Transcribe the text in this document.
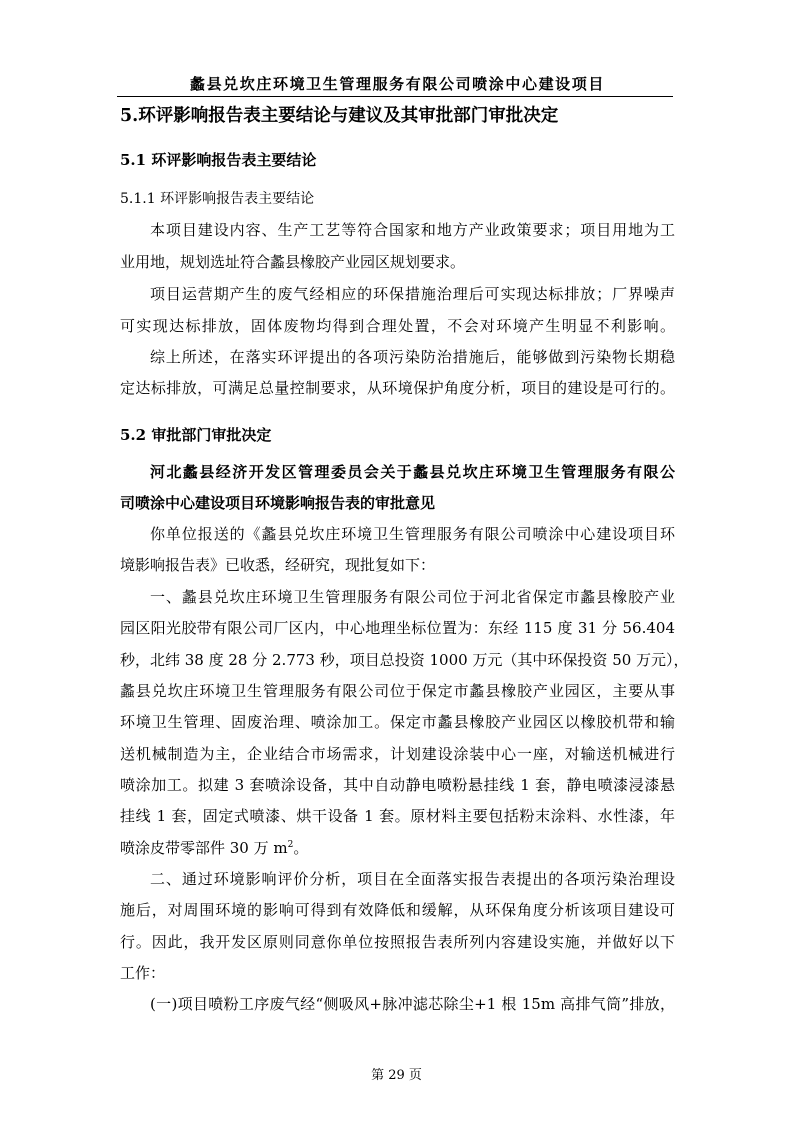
蠡县兑坎庄环境卫生管理服务有限公司喷涂中心建设项目
5.环评影响报告表主要结论与建议及其审批部门审批决定
5.1 环评影响报告表主要结论
5.1.1 环评影响报告表主要结论
本项目建设内容、生产工艺等符合国家和地方产业政策要求；项目用地为工
业用地，规划选址符合蠡县橡胶产业园区规划要求。
项目运营期产生的废气经相应的环保措施治理后可实现达标排放；厂界噪声
可实现达标排放，固体废物均得到合理处置，不会对环境产生明显不利影响。
综上所述，在落实环评提出的各项污染防治措施后，能够做到污染物长期稳
定达标排放，可满足总量控制要求，从环境保护角度分析，项目的建设是可行的。
5.2 审批部门审批决定
河北蠡县经济开发区管理委员会关于蠡县兑坎庄环境卫生管理服务有限公
司喷涂中心建设项目环境影响报告表的审批意见
你单位报送的《蠡县兑坎庄环境卫生管理服务有限公司喷涂中心建设项目环
境影响报告表》已收悉，经研究，现批复如下：
一、蠡县兑坎庄环境卫生管理服务有限公司位于河北省保定市蠡县橡胶产业
园区阳光胶带有限公司厂区内，中心地理坐标位置为：东经 115 度 31 分 56.404
秒，北纬 38 度 28 分 2.773 秒，项目总投资 1000 万元（其中环保投资 50 万元），
蠡县兑坎庄环境卫生管理服务有限公司位于保定市蠡县橡胶产业园区，主要从事
环境卫生管理、固废治理、喷涂加工。保定市蠡县橡胶产业园区以橡胶机带和输
送机械制造为主，企业结合市场需求，计划建设涂装中心一座，对输送机械进行
喷涂加工。拟建 3 套喷涂设备，其中自动静电喷粉悬挂线 1 套，静电喷漆浸漆悬
挂线 1 套，固定式喷漆、烘干设备 1 套。原材料主要包括粉末涂料、水性漆，年
喷涂皮带零部件 30 万 $m^2$。
二、通过环境影响评价分析，项目在全面落实报告表提出的各项污染治理设
施后，对周围环境的影响可得到有效降低和缓解，从环保角度分析该项目建设可
行。因此，我开发区原则同意你单位按照报告表所列内容建设实施，并做好以下
工作：
(一)项目喷粉工序废气经“侧吸风+脉冲滤芯除尘+1 根 15m 高排气筒”排放，
第 29 页
